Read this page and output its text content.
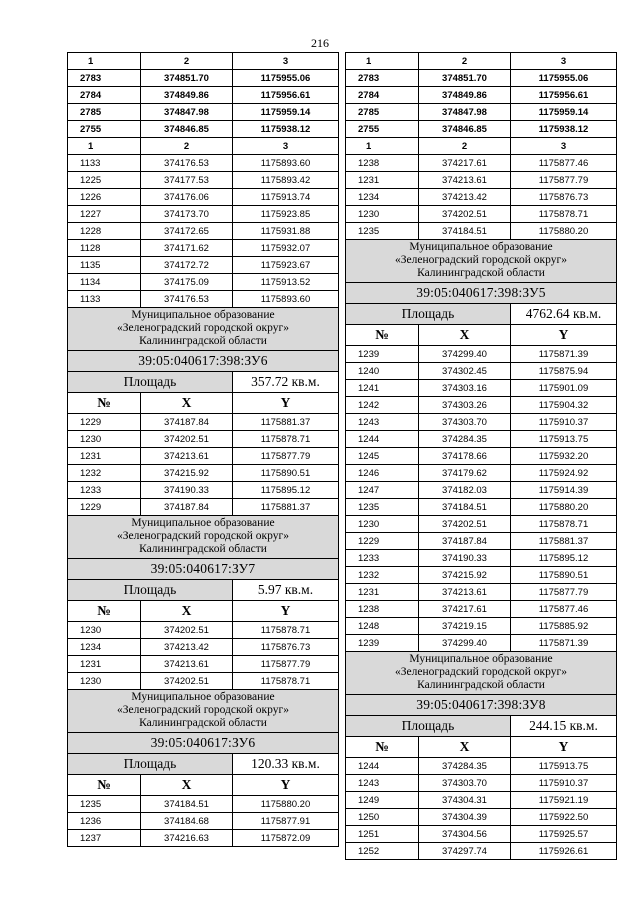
216
1	2	3
2783	374851.70	1175955.06
2784	374849.86	1175956.61
2785	374847.98	1175959.14
2755	374846.85	1175938.12
1	2	3
1133	374176.53	1175893.60
1225	374177.53	1175893.42
1226	374176.06	1175913.74
1227	374173.70	1175923.85
1228	374172.65	1175931.88
1128	374171.62	1175932.07
1135	374172.72	1175923.67
1134	374175.09	1175913.52
1133	374176.53	1175893.60
Муниципальное образование
«Зеленоградский городской округ»
Калининградской области		
39:05:040617:398:ЗУ6		
Площадь		357.72 кв.м.
№	X	Y
1229	374187.84	1175881.37
1230	374202.51	1175878.71
1231	374213.61	1175877.79
1232	374215.92	1175890.51
1233	374190.33	1175895.12
1229	374187.84	1175881.37
Муниципальное образование
«Зеленоградский городской округ»
Калининградской области		
39:05:040617:ЗУ7		
Площадь		5.97 кв.м.
№	X	Y
1230	374202.51	1175878.71
1234	374213.42	1175876.73
1231	374213.61	1175877.79
1230	374202.51	1175878.71
Муниципальное образование
«Зеленоградский городской округ»
Калининградской области		
39:05:040617:ЗУ6		
Площадь		120.33 кв.м.
№	X	Y
1235	374184.51	1175880.20
1236	374184.68	1175877.91
1237	374216.63	1175872.09
1	2	3
2783	374851.70	1175955.06
2784	374849.86	1175956.61
2785	374847.98	1175959.14
2755	374846.85	1175938.12
1	2	3
1238	374217.61	1175877.46
1231	374213.61	1175877.79
1234	374213.42	1175876.73
1230	374202.51	1175878.71
1235	374184.51	1175880.20
Муниципальное образование
«Зеленоградский городской округ»
Калининградской области		
39:05:040617:398:ЗУ5		
Площадь		4762.64 кв.м.
№	X	Y
1239	374299.40	1175871.39
1240	374302.45	1175875.94
1241	374303.16	1175901.09
1242	374303.26	1175904.32
1243	374303.70	1175910.37
1244	374284.35	1175913.75
1245	374178.66	1175932.20
1246	374179.62	1175924.92
1247	374182.03	1175914.39
1235	374184.51	1175880.20
1230	374202.51	1175878.71
1229	374187.84	1175881.37
1233	374190.33	1175895.12
1232	374215.92	1175890.51
1231	374213.61	1175877.79
1238	374217.61	1175877.46
1248	374219.15	1175885.92
1239	374299.40	1175871.39
Муниципальное образование
«Зеленоградский городской округ»
Калининградской области		
39:05:040617:398:ЗУ8		
Площадь		244.15 кв.м.
№	X	Y
1244	374284.35	1175913.75
1243	374303.70	1175910.37
1249	374304.31	1175921.19
1250	374304.39	1175922.50
1251	374304.56	1175925.57
1252	374297.74	1175926.61
